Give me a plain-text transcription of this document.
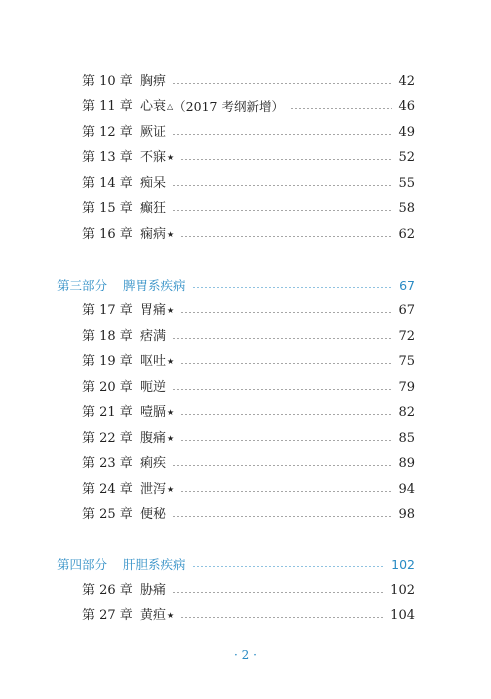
第 10 章 胸痹	42
第 11 章 心衰 △ （2017 考纲新增）	46
第 12 章 厥证	49
第 13 章 不寐 ★	52
第 14 章 痴呆	55
第 15 章 癫狂	58
第 16 章 痫病 ★	62
第三部分	脾胃系疾病	67
第 17 章 胃痛 ★	67
第 18 章 痞满	72
第 19 章 呕吐 ★	75
第 20 章 呃逆	79
第 21 章 噎膈 ★	82
第 22 章 腹痛 ★	85
第 23 章 痢疾	89
第 24 章 泄泻 ★	94
第 25 章 便秘	98
第四部分	肝胆系疾病	102
第 26 章 胁痛	102
第 27 章 黄疸 ★	104
· 2 ·
